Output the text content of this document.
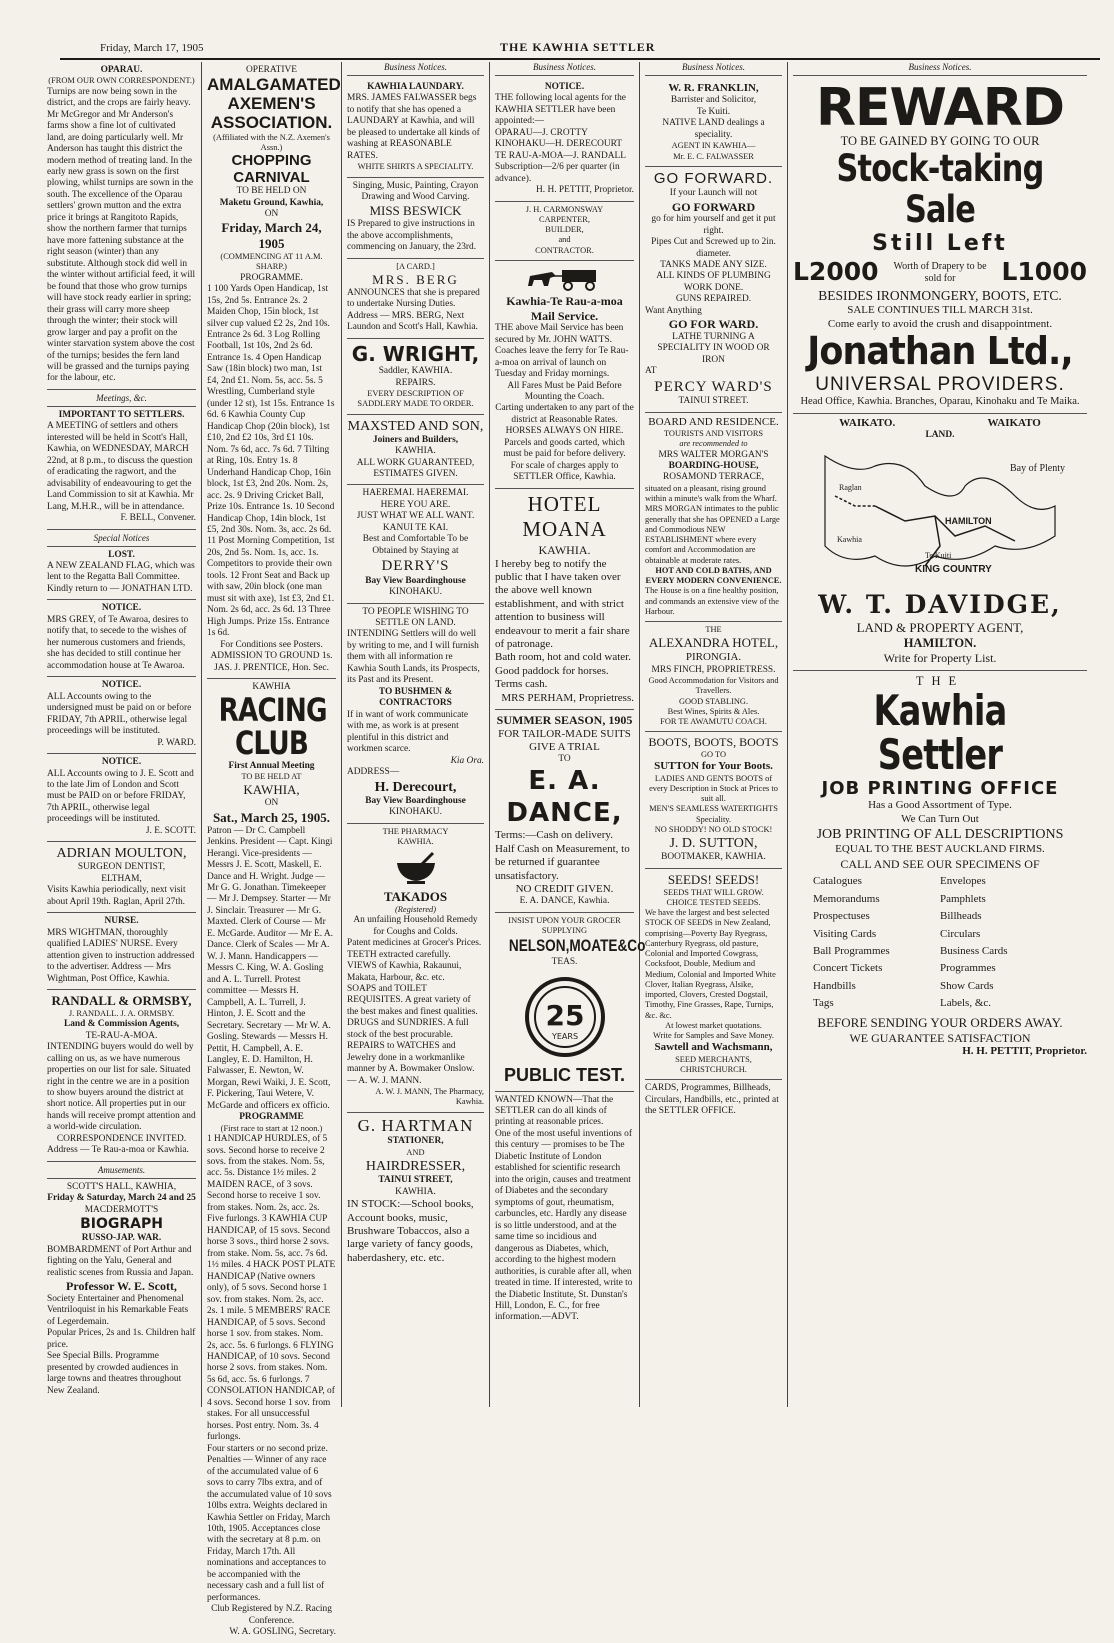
Friday, March 17, 1905	THE KAWHIA SETTLER
OPARAU.
(FROM OUR OWN CORRESPONDENT.)
Turnips are now being sown in the district, and the crops are fairly heavy. Mr McGregor and Mr Anderson's farms show a fine lot of cultivated land, are doing particularly well. Mr Anderson has taught this district the modern method of treating land. In the early new grass is sown on the first plowing, whilst turnips are sown in the south. The excellence of the Oparau settlers' grown mutton and the extra price it brings at Rangitoto Rapids, show the northern farmer that turnips have more fattening substance at the right season (winter) than any substitute. Although stock did well in the winter without artificial feed, it will be found that those who grow turnips will have stock ready earlier in spring; their grass will carry more sheep through the winter; their stock will grow larger and pay a profit on the winter starvation system above the cost of the turnips; besides the fern land will be grassed and the turnips paying for the labour, etc.
Meetings, &c.
IMPORTANT TO SETTLERS.
A MEETING of settlers and others interested will be held in Scott's Hall, Kawhia, on WEDNESDAY, MARCH 22nd, at 8 p.m., to discuss the question of eradicating the ragwort, and the advisability of endeavouring to get the Land Commission to sit at Kawhia. Mr Lang, M.H.R., will be in attendance.
F. BELL, Convener.
Special Notices
LOST.
A NEW ZEALAND FLAG, which was lent to the Regatta Ball Committee. Kindly return to — JONATHAN LTD.
NOTICE.
MRS GREY, of Te Awaroa, desires to notify that, to secede to the wishes of her numerous customers and friends, she has decided to still continue her accommodation house at Te Awaroa.
NOTICE.
ALL Accounts owing to the undersigned must be paid on or before FRIDAY, 7th APRIL, otherwise legal proceedings will be instituted.
P. WARD.
NOTICE.
ALL Accounts owing to J. E. Scott and to the late Jim of London and Scott must be PAID on or before FRIDAY, 7th APRIL, otherwise legal proceedings will be instituted.
J. E. SCOTT.
ADRIAN MOULTON,
SURGEON DENTIST,
ELTHAM,
Visits Kawhia periodically, next visit about April 19th. Raglan, April 27th.
NURSE.
MRS WIGHTMAN, thoroughly qualified LADIES' NURSE. Every attention given to instruction addressed to the advertiser. Address — Mrs Wightman, Post Office, Kawhia.
RANDALL & ORMSBY,
J. RANDALL. J. A. ORMSBY.
Land & Commission Agents,
TE-RAU-A-MOA.
INTENDING buyers would do well by calling on us, as we have numerous properties on our list for sale. Situated right in the centre we are in a position to show buyers around the district at short notice. All properties put in our hands will receive prompt attention and a world-wide circulation.
CORRESPONDENCE INVITED.
Address — Te Rau-a-moa or Kawhia.
Amusements.
SCOTT'S HALL, KAWHIA,
Friday & Saturday, March 24 and 25
MACDERMOTT'S
BIOGRAPH
RUSSO-JAP. WAR.
BOMBARDMENT of Port Arthur and fighting on the Yalu, General and realistic scenes from Russia and Japan.
Professor W. E. Scott,
Society Entertainer and Phenomenal Ventriloquist in his Remarkable Feats of Legerdemain.
Popular Prices, 2s and 1s. Children half price.
See Special Bills. Programme presented by crowded audiences in large towns and theatres throughout New Zealand.
OPERATIVE
AMALGAMATED AXEMEN'S ASSOCIATION.
(Affiliated with the N.Z. Axemen's Assn.)
CHOPPING CARNIVAL
TO BE HELD ON
Maketu Ground, Kawhia,
ON
Friday, March 24, 1905
(COMMENCING AT 11 A.M. SHARP.)
PROGRAMME.
1 100 Yards Open Handicap, 1st 15s, 2nd 5s. Entrance 2s. 2 Maiden Chop, 15in block, 1st silver cup valued £2 2s, 2nd 10s. Entrance 2s 6d. 3 Log Rolling Football, 1st 10s, 2nd 2s 6d. Entrance 1s. 4 Open Handicap Saw (18in block) two man, 1st £4, 2nd £1. Nom. 5s, acc. 5s. 5 Wrestling, Cumberland style (under 12 st), 1st 15s. Entrance 1s 6d. 6 Kawhia County Cup Handicap Chop (20in block), 1st £10, 2nd £2 10s, 3rd £1 10s. Nom. 7s 6d, acc. 7s 6d. 7 Tilting at Ring, 10s. Entry 1s. 8 Underhand Handicap Chop, 16in block, 1st £3, 2nd 20s. Nom. 2s, acc. 2s. 9 Driving Cricket Ball, Prize 10s. Entrance 1s. 10 Second Handicap Chop, 14in block, 1st £5, 2nd 30s. Nom. 3s, acc. 2s 6d. 11 Post Morning Competition, 1st 20s, 2nd 5s. Nom. 1s, acc. 1s. Competitors to provide their own tools. 12 Front Seat and Back up with saw, 20in block (one man must sit with axe), 1st £3, 2nd £1. Nom. 2s 6d, acc. 2s 6d. 13 Three High Jumps. Prize 15s. Entrance 1s 6d.
For Conditions see Posters.
ADMISSION TO GROUND 1s.
JAS. J. PRENTICE, Hon. Sec.
KAWHIA
RACING CLUB
First Annual Meeting
TO BE HELD AT
KAWHIA,
ON
Sat., March 25, 1905.
Patron — Dr C. Campbell Jenkins. President — Capt. Kingi Herangi. Vice-presidents — Messrs J. E. Scott, Maskell, E. Dance and H. Wright. Judge — Mr G. G. Jonathan. Timekeeper — Mr J. Dempsey. Starter — Mr J. Sinclair. Treasurer — Mr G. Maxted. Clerk of Course — Mr E. McGarde. Auditor — Mr E. A. Dance. Clerk of Scales — Mr A. W. J. Mann. Handicappers — Messrs C. King, W. A. Gosling and A. L. Turrell. Protest committee — Messrs H. Campbell, A. L. Turrell, J. Hinton, J. E. Scott and the Secretary. Secretary — Mr W. A. Gosling. Stewards — Messrs H. Pettit, H. Campbell, A. E. Langley, E. D. Hamilton, H. Falwasser, E. Newton, W. Morgan, Rewi Waiki, J. E. Scott, F. Pickering, Taui Wetere, V. McGarde and officers ex officio.
PROGRAMME
(First race to start at 12 noon.)
1 HANDICAP HURDLES, of 5 sovs. Second horse to receive 2 sovs. from the stakes. Nom. 5s, acc. 5s. Distance 1½ miles. 2 MAIDEN RACE, of 3 sovs. Second horse to receive 1 sov. from stakes. Nom. 2s, acc. 2s. Five furlongs. 3 KAWHIA CUP HANDICAP, of 15 sovs. Second horse 3 sovs., third horse 2 sovs. from stake. Nom. 5s, acc. 7s 6d. 1½ miles. 4 HACK POST PLATE HANDICAP (Native owners only), of 5 sovs. Second horse 1 sov. from stakes. Nom. 2s, acc. 2s. 1 mile. 5 MEMBERS' RACE HANDICAP, of 5 sovs. Second horse 1 sov. from stakes. Nom. 2s, acc. 5s. 6 furlongs. 6 FLYING HANDICAP, of 10 sovs. Second horse 2 sovs. from stakes. Nom. 5s 6d, acc. 5s. 6 furlongs. 7 CONSOLATION HANDICAP, of 4 sovs. Second horse 1 sov. from stakes. For all unsuccessful horses. Post entry. Nom. 3s. 4 furlongs.
Four starters or no second prize. Penalties — Winner of any race of the accumulated value of 6 sovs to carry 7lbs extra, and of the accumulated value of 10 sovs 10lbs extra. Weights declared in Kawhia Settler on Friday, March 10th, 1905. Acceptances close with the secretary at 8 p.m. on Friday, March 17th. All nominations and acceptances to be accompanied with the necessary cash and a full list of performances.
Club Registered by N.Z. Racing Conference.
W. A. GOSLING, Secretary.
Business Notices.
KAWHIA LAUNDARY.
MRS. JAMES FALWASSER begs to notify that she has opened a LAUNDARY at Kawhia, and will be pleased to undertake all kinds of washing at REASONABLE RATES.
WHITE SHIRTS A SPECIALITY.
Singing, Music, Painting, Crayon Drawing and Wood Carving.
MISS BESWICK
IS Prepared to give instructions in the above accomplishments, commencing on January, the 23rd.
[A CARD.]
MRS. BERG
ANNOUNCES that she is prepared to undertake Nursing Duties.
Address — MRS. BERG, Next Laundon and Scott's Hall, Kawhia.
G. WRIGHT,
Saddler, KAWHIA.
REPAIRS.
EVERY DESCRIPTION OF SADDLERY MADE TO ORDER.
MAXSTED AND SON,
Joiners and Builders,
KAWHIA.
ALL WORK GUARANTEED,
ESTIMATES GIVEN.
HAEREMAI. HAEREMAI.
HERE YOU ARE.
JUST WHAT WE ALL WANT.
KANUI TE KAI.
Best and Comfortable To be Obtained by Staying at
DERRY'S
Bay View Boardinghouse
KINOHAKU.
TO PEOPLE WISHING TO SETTLE ON LAND.
INTENDING Settlers will do well by writing to me, and I will furnish them with all information re Kawhia South Lands, its Prospects, its Past and its Present.
TO BUSHMEN & CONTRACTORS
If in want of work communicate with me, as work is at present plentiful in this district and workmen scarce.
Kia Ora.
ADDRESS—
H. Derecourt,
Bay View Boardinghouse
KINOHAKU.
THE PHARMACY
KAWHIA.
TAKADOS
(Registered)
An unfailing Household Remedy for Coughs and Colds.
Patent medicines at Grocer's Prices.
TEETH extracted carefully.
VIEWS of Kawhia, Rakaunui, Makata, Harbour, &c. etc.
SOAPS and TOILET REQUISITES. A great variety of the best makes and finest qualities.
DRUGS and SUNDRIES. A full stock of the best procurable.
REPAIRS to WATCHES and Jewelry done in a workmanlike manner by A. Bowmaker Onslow. — A. W. J. MANN.
A. W. J. MANN, The Pharmacy, Kawhia.
G. HARTMAN
STATIONER,
AND
HAIRDRESSER,
TAINUI STREET,
KAWHIA.
IN STOCK:—School books, Account books, music, Brushware Tobaccos, also a large variety of fancy goods, haberdashery, etc. etc.
Business Notices.
NOTICE.
THE following local agents for the KAWHIA SETTLER have been appointed:—
OPARAU—J. CROTTY KINOHAKU—H. DERECOURT TE RAU-A-MOA—J. RANDALL
Subscription—2/6 per quarter (in advance).
H. H. PETTIT, Proprietor.
J. H. CARMONSWAY
CARPENTER,
BUILDER,
and
CONTRACTOR.
Kawhia-Te Rau-a-moa
Mail Service.
THE above Mail Service has been secured by Mr. JOHN WATTS. Coaches leave the ferry for Te Rau-a-moa on arrival of launch on Tuesday and Friday mornings.
All Fares Must be Paid Before Mounting the Coach.
Carting undertaken to any part of the district at Reasonable Rates.
HORSES ALWAYS ON HIRE.
Parcels and goods carted, which must be paid for before delivery.
For scale of charges apply to SETTLER Office, Kawhia.
HOTEL MOANA
KAWHIA.
I hereby beg to notify the public that I have taken over the above well known establishment, and with strict attention to business will endeavour to merit a fair share of patronage.
Bath room, hot and cold water.
Good paddock for horses.
Terms cash.
MRS PERHAM, Proprietress.
SUMMER SEASON, 1905
FOR TAILOR-MADE SUITS GIVE A TRIAL
TO
E. A. DANCE,
Terms:—Cash on delivery. Half Cash on Measurement, to be returned if guarantee unsatisfactory.
NO CREDIT GIVEN.
E. A. DANCE, Kawhia.
INSIST UPON YOUR GROCER SUPPLYING
NELSON,MOATE&Co
TEAS.
25
YEARS
PUBLIC TEST.
WANTED KNOWN—That the SETTLER can do all kinds of printing at reasonable prices.
One of the most useful inventions of this century — promises to be The Diabetic Institute of London established for scientific research into the origin, causes and treatment of Diabetes and the secondary symptoms of gout, rheumatism, carbuncles, etc. Hardly any disease is so little understood, and at the same time so incidious and dangerous as Diabetes, which, according to the highest modern authorities, is curable after all, when treated in time. If interested, write to the Diabetic Institute, St. Dunstan's Hill, London, E. C., for free information.—ADVT.
Business Notices.
W. R. FRANKLIN,
Barrister and Solicitor,
Te Kuiti.
NATIVE LAND dealings a speciality.
AGENT IN KAWHIA—
Mr. E. C. FALWASSER
GO FORWARD.
If your Launch will not
GO FORWARD
go for him yourself and get it put right.
Pipes Cut and Screwed up to 2in. diameter.
TANKS MADE ANY SIZE.
ALL KINDS OF PLUMBING WORK DONE.
GUNS REPAIRED.
Want Anything
GO FOR WARD.
LATHE TURNING A SPECIALITY IN WOOD OR IRON
AT
PERCY WARD'S
TAINUI STREET.
BOARD AND RESIDENCE.
TOURISTS AND VISITORS
are recommended to
MRS WALTER MORGAN'S
BOARDING-HOUSE,
ROSAMOND TERRACE,
situated on a pleasant, rising ground within a minute's walk from the Wharf.
MRS MORGAN intimates to the public generally that she has OPENED a Large and Commodious NEW ESTABLISHMENT where every comfort and Accommodation are obtainable at moderate rates.
HOT AND COLD BATHS, AND EVERY MODERN CONVENIENCE.
The House is on a fine healthy position, and commands an extensive view of the Harbour.
THE
ALEXANDRA HOTEL,
PIRONGIA.
MRS FINCH, PROPRIETRESS.
Good Accommodation for Visitors and Travellers.
GOOD STABLING.
Best Wines, Spirits & Ales.
FOR TE AWAMUTU COACH.
BOOTS, BOOTS, BOOTS
GO TO
SUTTON for Your Boots.
LADIES AND GENTS BOOTS of every Description in Stock at Prices to suit all.
MEN'S SEAMLESS WATERTIGHTS Speciality.
NO SHODDY! NO OLD STOCK!
J. D. SUTTON,
BOOTMAKER, KAWHIA.
SEEDS! SEEDS!
SEEDS THAT WILL GROW.
CHOICE TESTED SEEDS.
We have the largest and best selected STOCK OF SEEDS in New Zealand, comprising—Poverty Bay Ryegrass, Canterbury Ryegrass, old pasture, Colonial and Imported Cowgrass, Cocksfoot, Double, Medium and Medium, Colonial and Imported White Clover, Italian Ryegrass, Alsike, imported, Clovers, Crested Dogstail, Timothy, Fine Grasses, Rape, Turnips, &c. &c.
At lowest market quotations.
Write for Samples and Save Money.
Sawtell and Wachsmann,
SEED MERCHANTS,
CHRISTCHURCH.
CARDS, Programmes, Billheads, Circulars, Handbills, etc., printed at the SETTLER OFFICE.
Business Notices.
REWARD
TO BE GAINED BY GOING TO OUR
Stock-taking Sale
Still Left
L2000	Worth of Drapery to be sold for	L1000
BESIDES IRONMONGERY, BOOTS, ETC.
SALE CONTINUES TILL MARCH 31st.
Come early to avoid the crush and disappointment.
Jonathan Ltd.,
UNIVERSAL PROVIDERS.
Head Office, Kawhia. Branches, Oparau, Kinohaku and Te Maika.
WAIKATO.	WAIKATO
LAND.
Bay of Plenty
HAMILTON
Te Kuiti
KING COUNTRY
Kawhia
Raglan
W. T. DAVIDGE,
LAND & PROPERTY AGENT,
HAMILTON.
Write for Property List.
THE
Kawhia Settler
JOB PRINTING OFFICE
Has a Good Assortment of Type.
We Can Turn Out
JOB PRINTING OF ALL DESCRIPTIONS
EQUAL TO THE BEST AUCKLAND FIRMS.
CALL AND SEE OUR SPECIMENS OF
Catalogues	Envelopes
Memorandums	Pamphlets
Prospectuses	Billheads
Visiting Cards	Circulars
Ball Programmes	Business Cards
Concert Tickets	Programmes
Handbills	Show Cards
Tags	Labels, &c.
BEFORE SENDING YOUR ORDERS AWAY.
WE GUARANTEE SATISFACTION
H. H. PETTIT, Proprietor.
